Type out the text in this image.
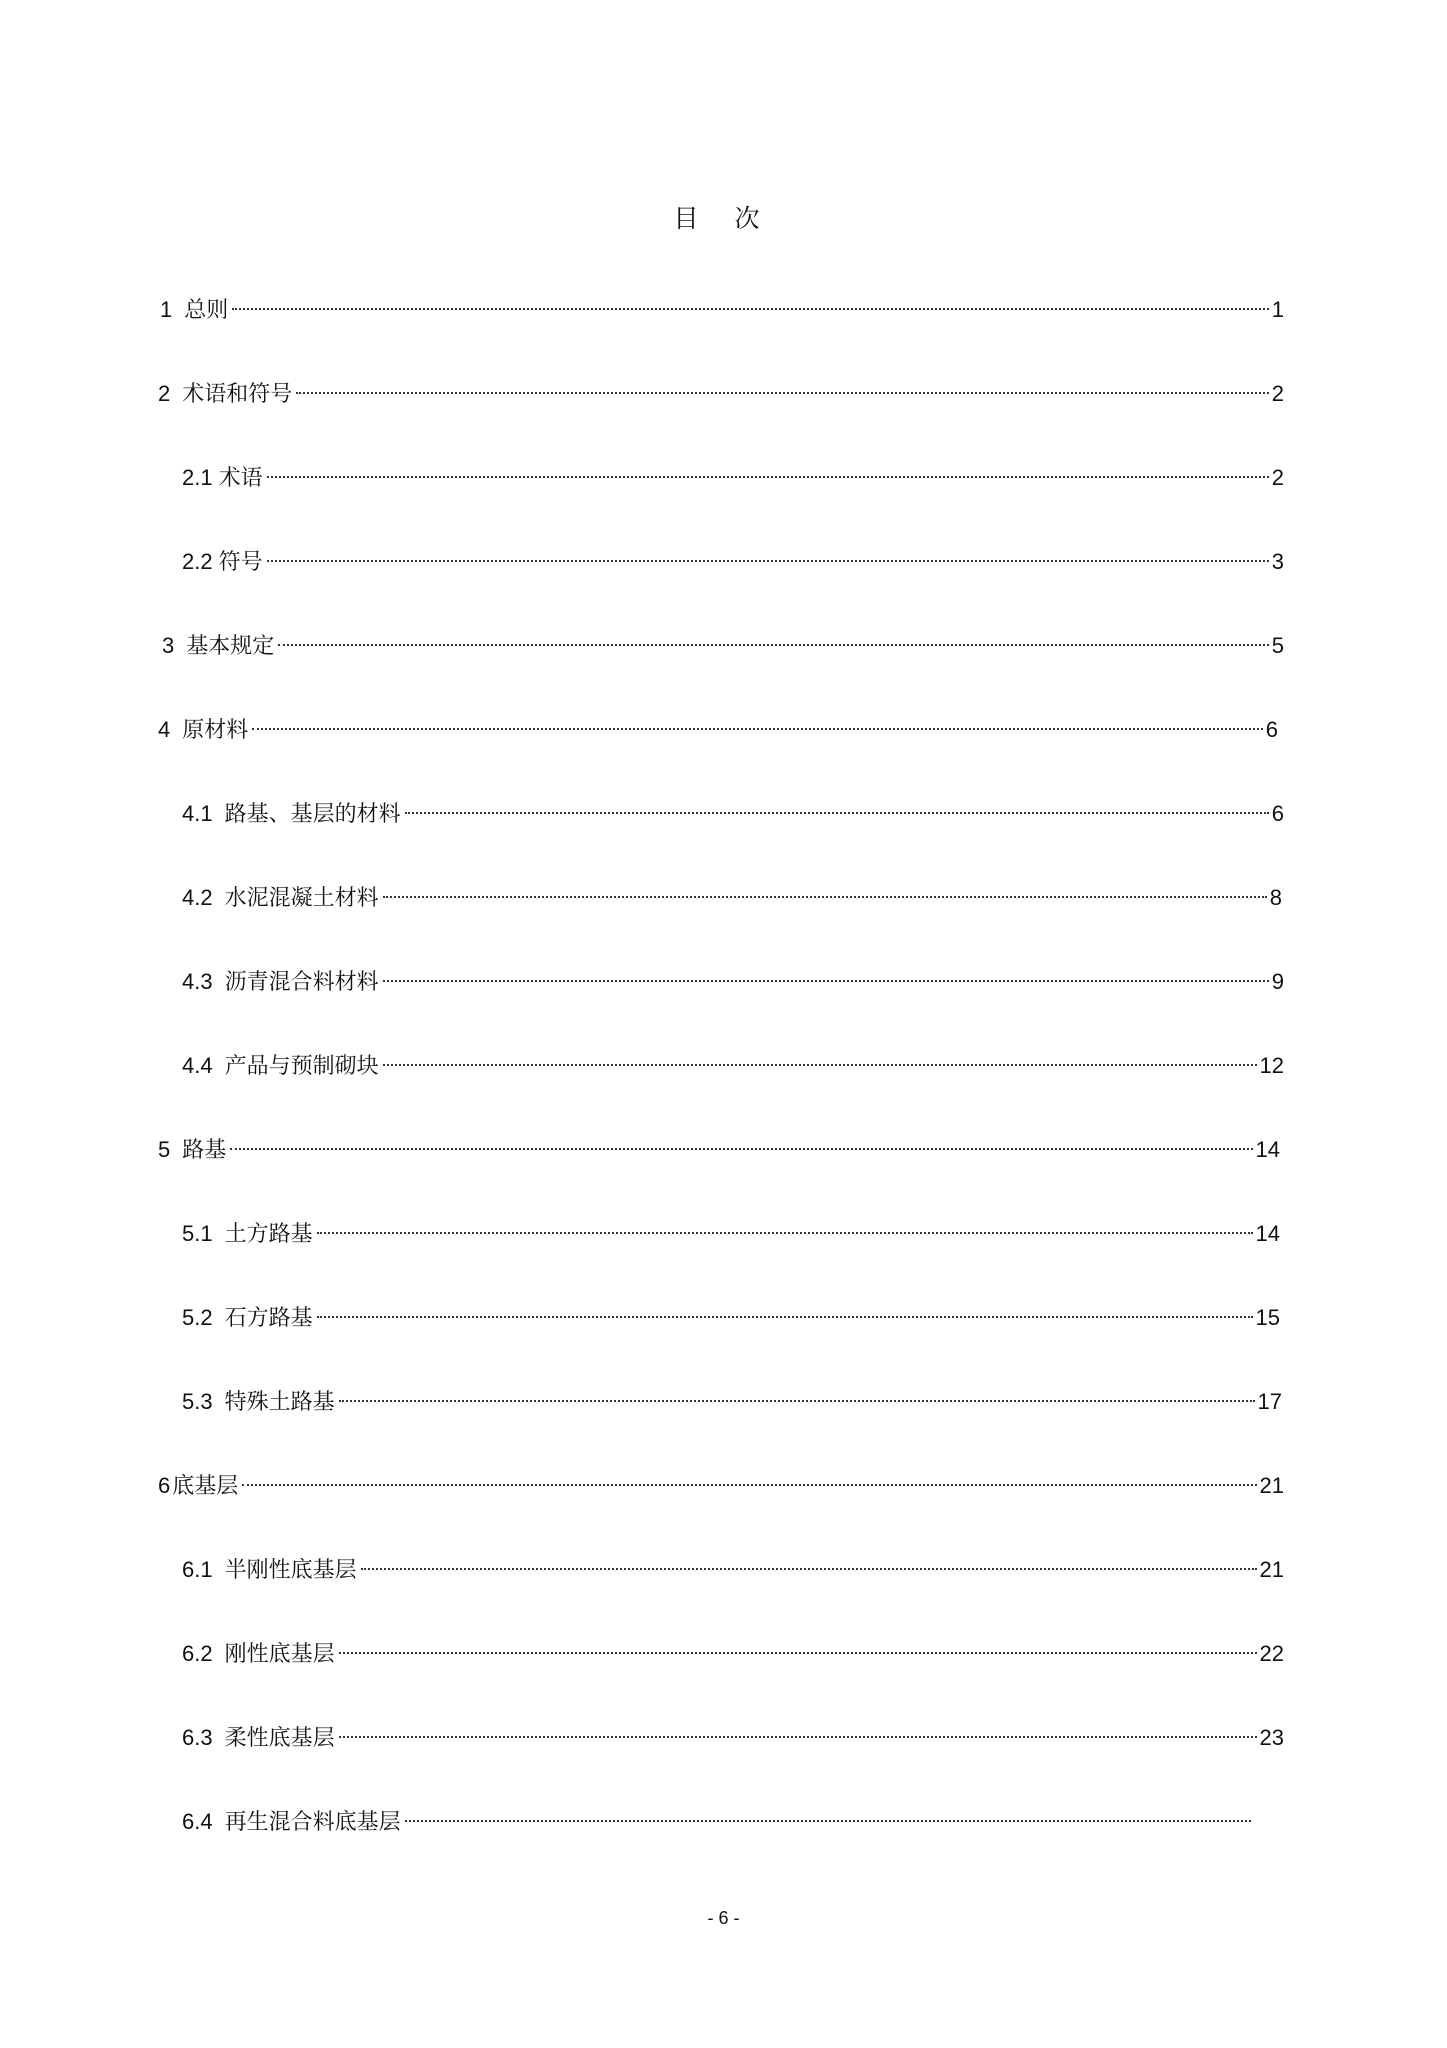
目 次
1 总则	1
2 术语和符号	2
2.1 术语	2
2.2 符号	3
3 基本规定	5
4 原材料	6
4.1 路基、基层的材料	6
4.2 水泥混凝土材料	8
4.3 沥青混合料材料	9
4.4 产品与预制砌块	12
5 路基	14
5.1 土方路基	14
5.2 石方路基	15
5.3 特殊土路基	17
6 底基层	21
6.1 半刚性底基层	21
6.2 刚性底基层	22
6.3 柔性底基层	23
6.4 再生混合料底基层
- 6 -
